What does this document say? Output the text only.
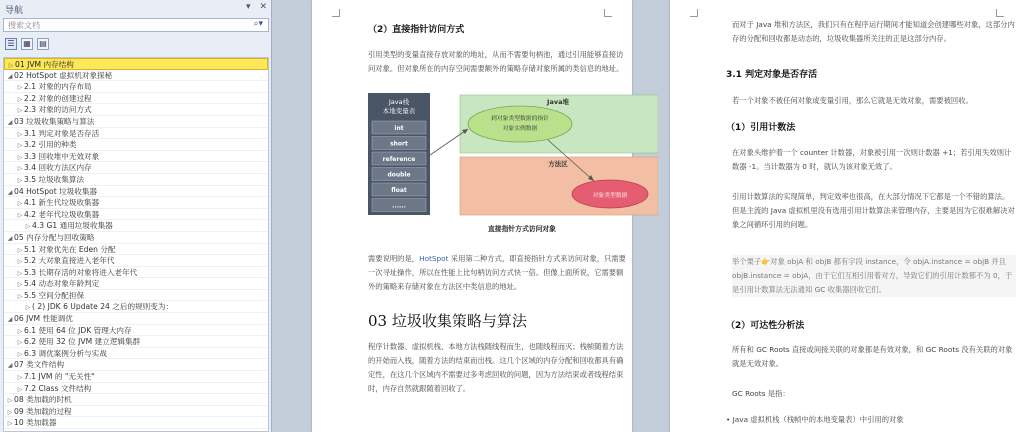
导航	▾ ✕
搜索文档	⌕▾
☰	▦ ▤
▷ 01 JVM 内存结构
◢ 02 HotSpot 虚拟机对象探秘
▷ 2.1 对象的内存布局
▷ 2.2 对象的创建过程
▷ 2.3 对象的访问方式
◢ 03 垃圾收集策略与算法
▷ 3.1 判定对象是否存活
▷ 3.2 引用的种类
▷ 3.3 回收堆中无效对象
▷ 3.4 回收方法区内存
▷ 3.5 垃圾收集算法
◢ 04 HotSpot 垃圾收集器
▷ 4.1 新生代垃圾收集器
▷ 4.2 老年代垃圾收集器
▷ 4.3 G1 通用垃圾收集器
◢ 05 内存分配与回收策略
▷ 5.1 对象优先在 Eden 分配
▷ 5.2 大对象直接进入老年代
▷ 5.3 长期存活的对象将进入老年代
▷ 5.4 动态对象年龄判定
▷ 5.5 空间分配担保
▷ ( 2) JDK 6 Update 24 之后的规则变为：
◢ 06 JVM 性能调优
▷ 6.1 使用 64 位 JDK 管理大内存
▷ 6.2 使用 32 位 JVM 建立逻辑集群
▷ 6.3 调优案例分析与实战
◢ 07 类文件结构
▷ 7.1 JVM 的 "无关性"
▷ 7.2 Class 文件结构
▷ 08 类加载的时机
▷ 09 类加载的过程
▷ 10 类加载器
（2）直接指针访问方式
引用类型的变量直接存放对象的地址，从而不需要句柄池，通过引用能够直接访问对象。但对象所在的内存空间需要额外的策略存储对象所属的类信息的地址。
Java栈
本地变量表
int
short
reference
double
float
......
Java堆
到对象类型数据的指针
对象实例数据
方法区
对象类型数据
直接指针方式访问对象
需要说明的是，HotSpot 采用第二种方式，即直接指针方式来访问对象，只需要一次寻址操作，所以在性能上比句柄访问方式快一倍。但像上面所说，它需要额外的策略来存储对象在方法区中类信息的地址。
03 垃圾收集策略与算法
程序计数器、虚拟机栈、本地方法栈随线程而生，也随线程而灭；栈帧随着方法的开始而入栈，随着方法的结束而出栈。这几个区域的内存分配和回收都具有确定性，在这几个区域内不需要过多考虑回收的问题，因为方法结束或者线程结束时，内存自然就跟随着回收了。
而对于 Java 堆和方法区，我们只有在程序运行期间才能知道会创建哪些对象，这部分内存的分配和回收都是动态的，垃圾收集器所关注的正是这部分内存。
3.1 判定对象是否存活
若一个对象不被任何对象或变量引用，那么它就是无效对象，需要被回收。
（1）引用计数法
在对象头维护着一个 counter 计数器，对象被引用一次则计数器 +1；若引用失效则计数器 -1。当计数器为 0 时，就认为该对象无效了。
引用计数算法的实现简单，判定效率也很高，在大部分情况下它都是一个不错的算法。但是主流的 Java 虚拟机里没有选用引用计数算法来管理内存，主要是因为它很难解决对象之间循环引用的问题。
举个栗子👉对象 objA 和 objB 都有字段 instance，令 objA.instance = objB 并且 objB.instance = objA，由于它们互相引用着对方，导致它们的引用计数都不为 0，于是引用计数算法无法通知 GC 收集器回收它们。
（2）可达性分析法
所有和 GC Roots 直接或间接关联的对象都是有效对象，和 GC Roots 没有关联的对象就是无效对象。
GC Roots 是指：
• Java 虚拟机栈（栈帧中的本地变量表）中引用的对象
